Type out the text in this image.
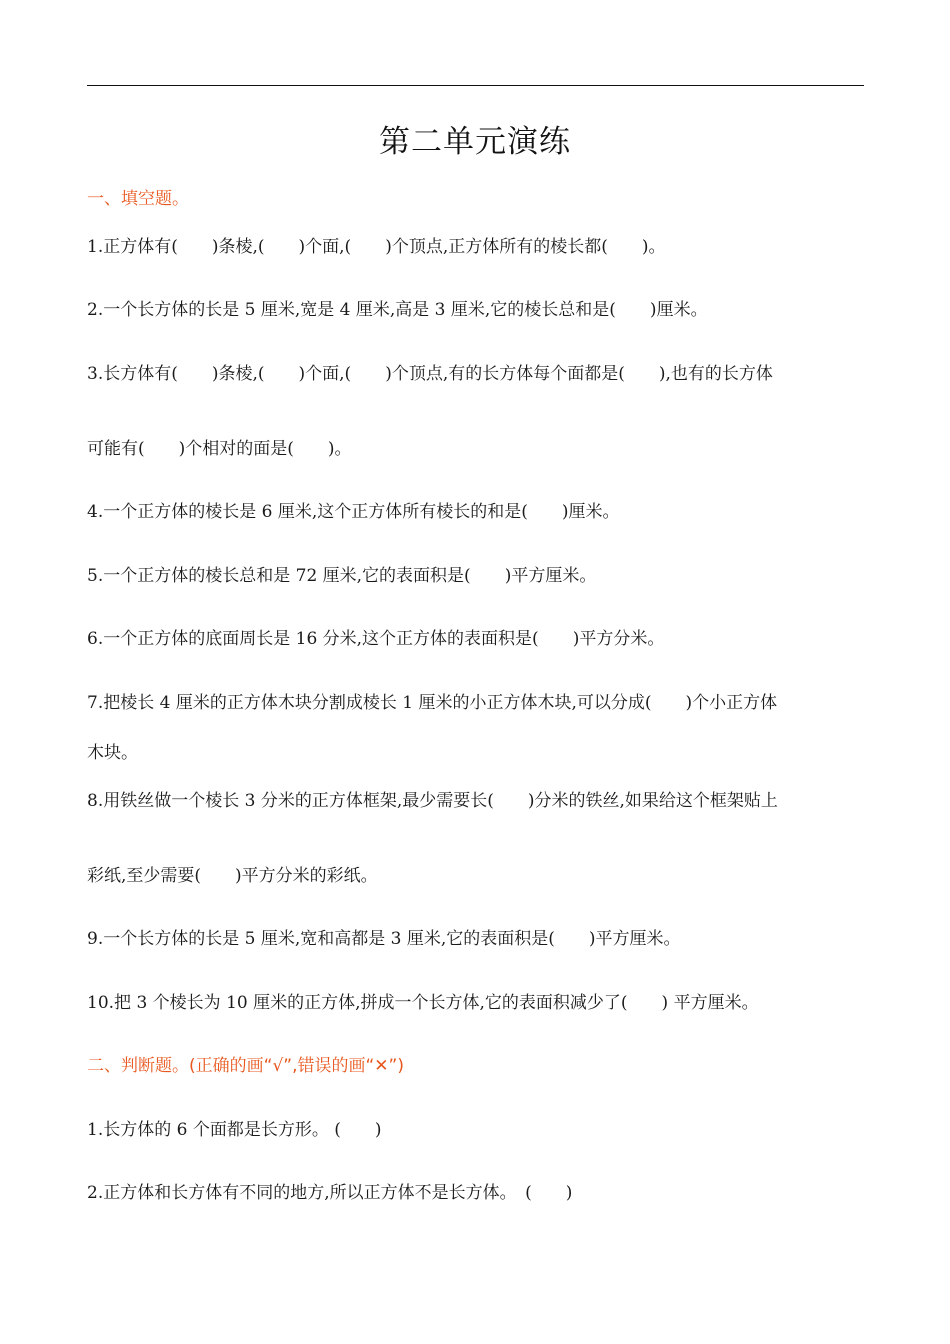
第二单元演练
一、填空题。
1.正方体有(　　)条棱,(　　)个面,(　　)个顶点,正方体所有的棱长都(　　)。
2.一个长方体的长是 5 厘米,宽是 4 厘米,高是 3 厘米,它的棱长总和是(　　)厘米。
3.长方体有(　　)条棱,(　　)个面,(　　)个顶点,有的长方体每个面都是(　　),也有的长方体
可能有(　　)个相对的面是(　　)。
4.一个正方体的棱长是 6 厘米,这个正方体所有棱长的和是(　　)厘米。
5.一个正方体的棱长总和是 72 厘米,它的表面积是(　　)平方厘米。
6.一个正方体的底面周长是 16 分米,这个正方体的表面积是(　　)平方分米。
7.把棱长 4 厘米的正方体木块分割成棱长 1 厘米的小正方体木块,可以分成(　　)个小正方体
木块。
8.用铁丝做一个棱长 3 分米的正方体框架,最少需要长(　　)分米的铁丝,如果给这个框架贴上
彩纸,至少需要(　　)平方分米的彩纸。
9.一个长方体的长是 5 厘米,宽和高都是 3 厘米,它的表面积是(　　)平方厘米。
10.把 3 个棱长为 10 厘米的正方体,拼成一个长方体,它的表面积减少了(　　) 平方厘米。
二、判断题。(正确的画“√”,错误的画“✕”)
1.长方体的 6 个面都是长方形。 (　　)
2.正方体和长方体有不同的地方,所以正方体不是长方体。　(　　)
